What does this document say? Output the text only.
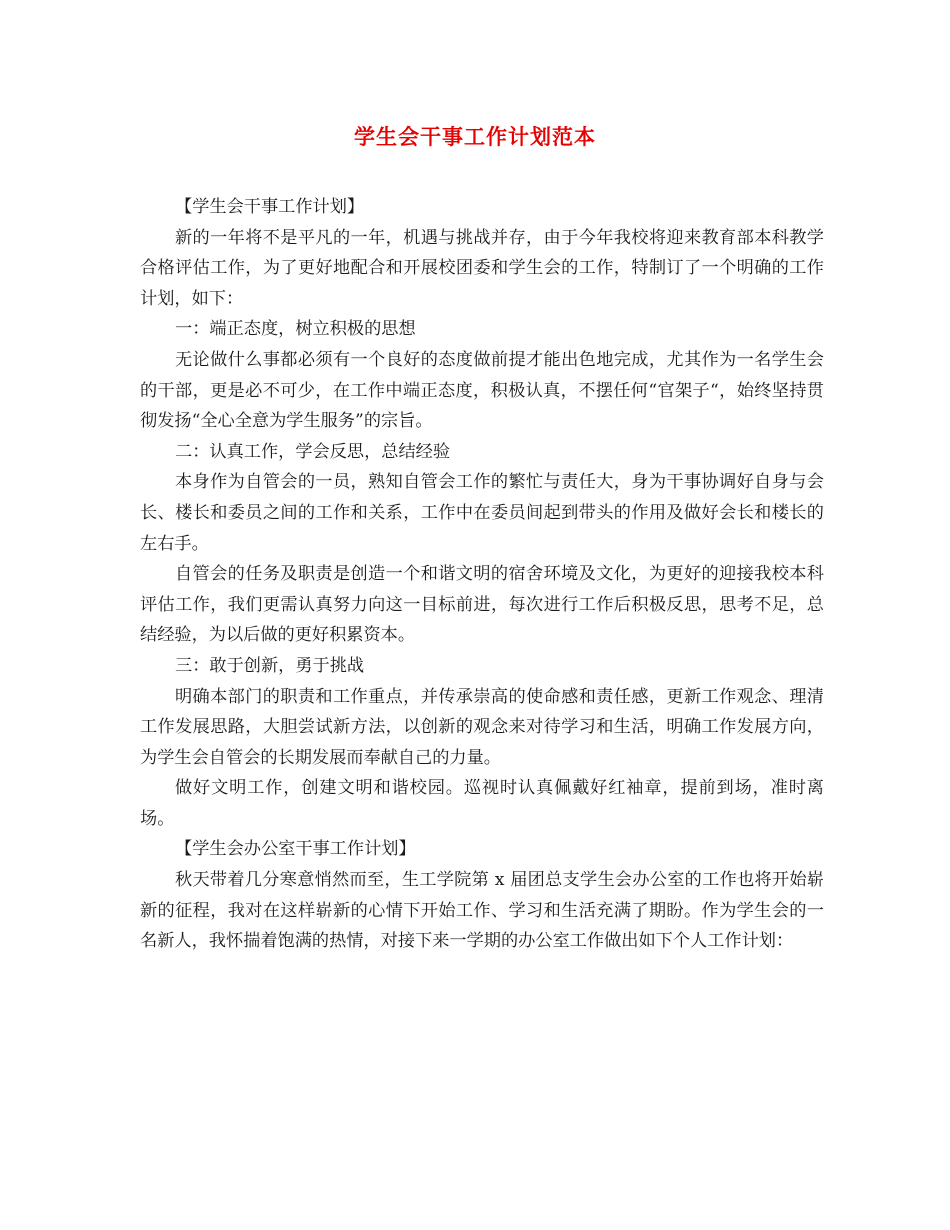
学生会干事工作计划范本

【学生会干事工作计划】

新的一年将不是平凡的一年，机遇与挑战并存，由于今年我校将迎来教育部本科教学合格评估工作，为了更好地配合和开展校团委和学生会的工作，特制订了一个明确的工作计划，如下：

一：端正态度，树立积极的思想

无论做什么事都必须有一个良好的态度做前提才能出色地完成，尤其作为一名学生会的干部，更是必不可少，在工作中端正态度，积极认真，不摆任何“官架子“，始终坚持贯彻发扬“全心全意为学生服务”的宗旨。

二：认真工作，学会反思，总结经验

本身作为自管会的一员，熟知自管会工作的繁忙与责任大，身为干事协调好自身与会长、楼长和委员之间的工作和关系，工作中在委员间起到带头的作用及做好会长和楼长的左右手。

自管会的任务及职责是创造一个和谐文明的宿舍环境及文化，为更好的迎接我校本科评估工作，我们更需认真努力向这一目标前进，每次进行工作后积极反思，思考不足，总结经验，为以后做的更好积累资本。

三：敢于创新，勇于挑战

明确本部门的职责和工作重点，并传承崇高的使命感和责任感，更新工作观念、理清工作发展思路，大胆尝试新方法，以创新的观念来对待学习和生活，明确工作发展方向，为学生会自管会的长期发展而奉献自己的力量。

做好文明工作，创建文明和谐校园。巡视时认真佩戴好红袖章，提前到场，准时离场。

【学生会办公室干事工作计划】

秋天带着几分寒意悄然而至，生工学院第 x 届团总支学生会办公室的工作也将开始崭新的征程，我对在这样崭新的心情下开始工作、学习和生活充满了期盼。作为学生会的一名新人，我怀揣着饱满的热情，对接下来一学期的办公室工作做出如下个人工作计划：
